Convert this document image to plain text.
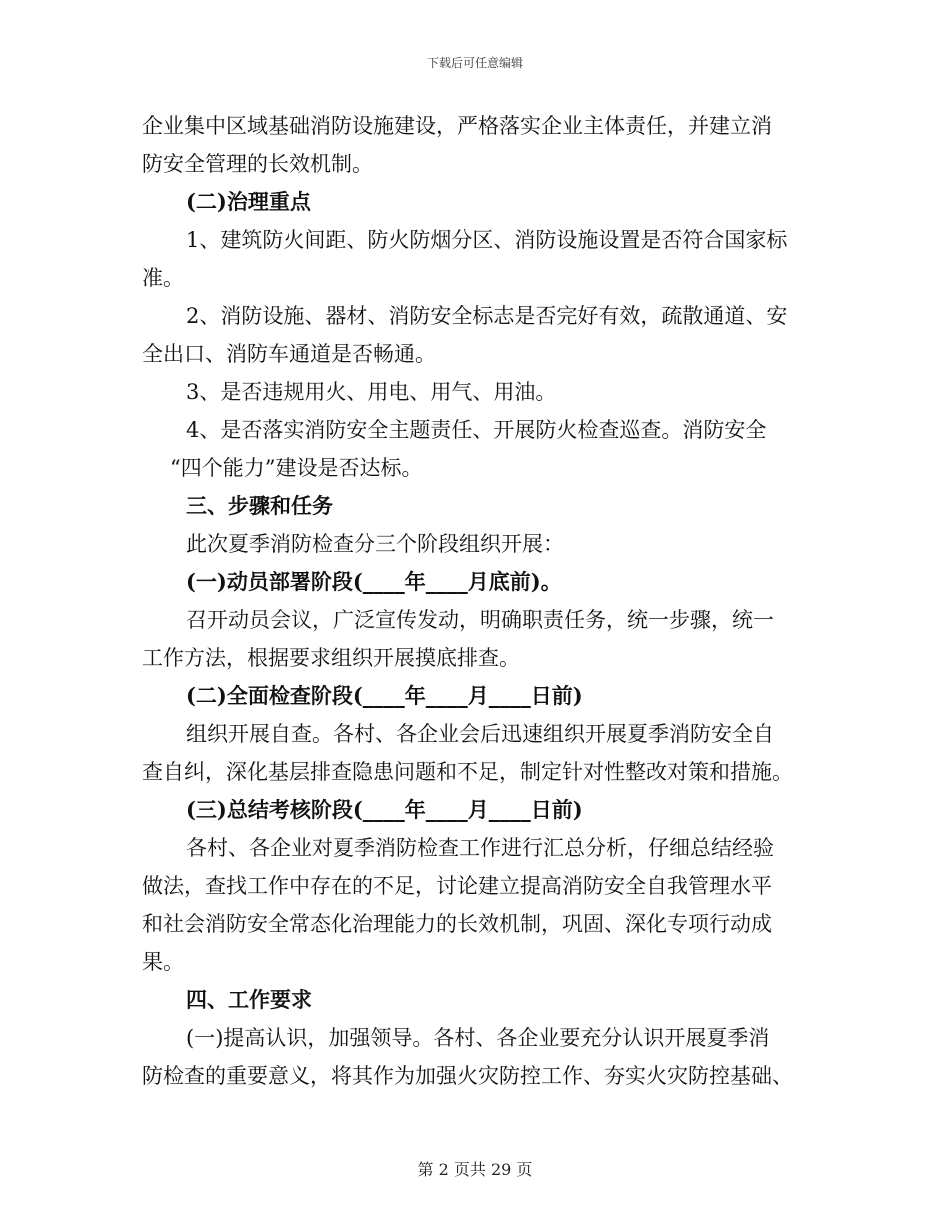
下载后可任意编辑
企业集中区域基础消防设施建设，严格落实企业主体责任，并建立消
防安全管理的长效机制。
(二)治理重点
1、建筑防火间距、防火防烟分区、消防设施设置是否符合国家标
准。
2、消防设施、器材、消防安全标志是否完好有效，疏散通道、安
全出口、消防车通道是否畅通。
3、是否违规用火、用电、用气、用油。
4、是否落实消防安全主题责任、开展防火检查巡查。消防安全
“四个能力”建设是否达标。
三、步骤和任务
此次夏季消防检查分三个阶段组织开展：
(一)动员部署阶段(____年____月底前)。
召开动员会议，广泛宣传发动，明确职责任务，统一步骤，统一
工作方法，根据要求组织开展摸底排查。
(二)全面检查阶段(____年____月____日前)
组织开展自查。各村、各企业会后迅速组织开展夏季消防安全自
查自纠，深化基层排查隐患问题和不足，制定针对性整改对策和措施。
(三)总结考核阶段(____年____月____日前)
各村、各企业对夏季消防检查工作进行汇总分析，仔细总结经验
做法，查找工作中存在的不足，讨论建立提高消防安全自我管理水平
和社会消防安全常态化治理能力的长效机制，巩固、深化专项行动成
果。
四、工作要求
(一)提高认识，加强领导。各村、各企业要充分认识开展夏季消
防检查的重要意义，将其作为加强火灾防控工作、夯实火灾防控基础、
第 2 页共 29 页
